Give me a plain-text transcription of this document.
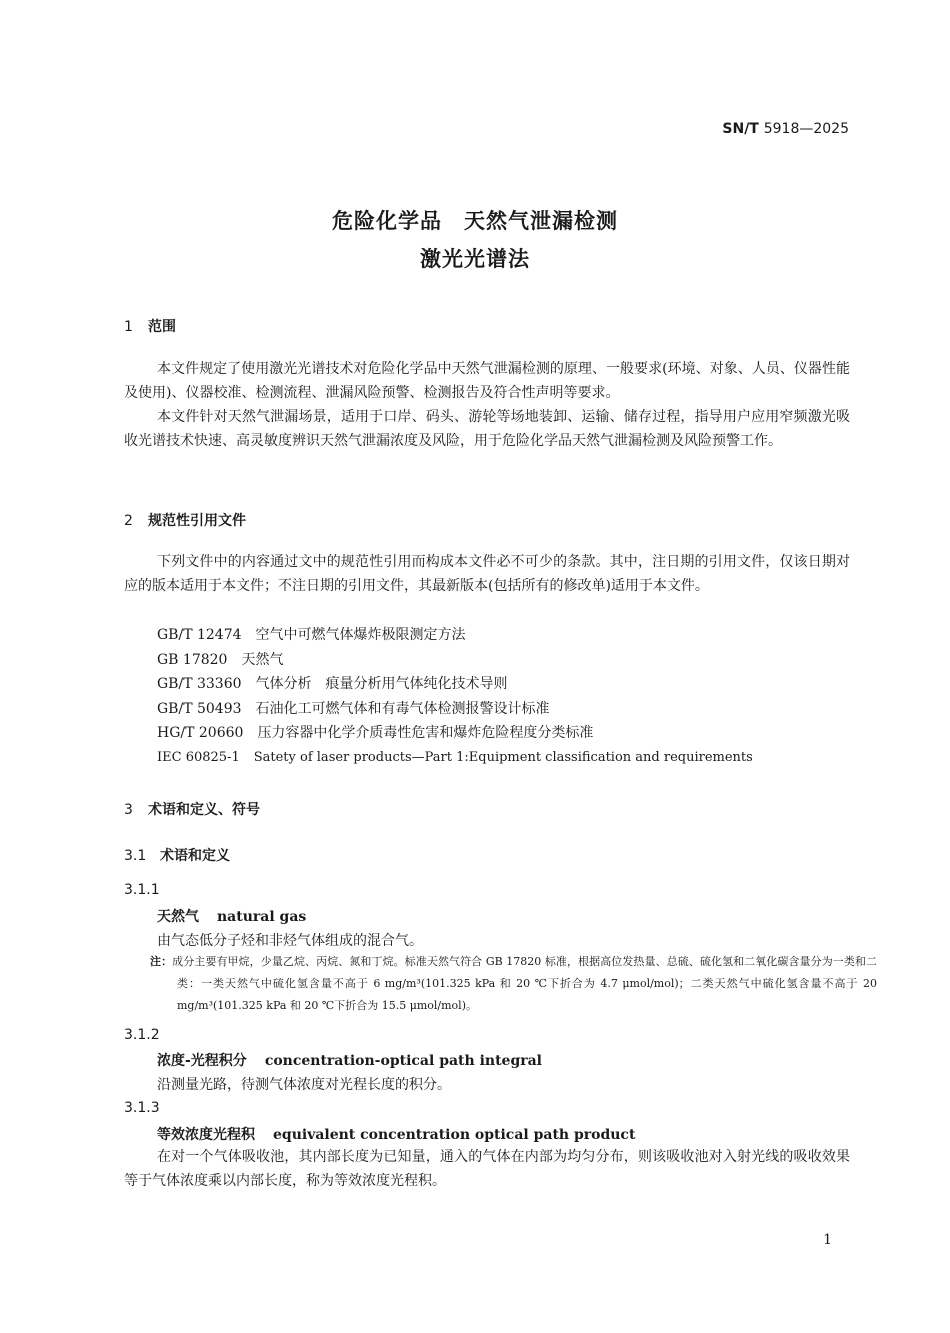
SN/T 5918—2025
危险化学品 天然气泄漏检测
激光光谱法
1 范围
本文件规定了使用激光光谱技术对危险化学品中天然气泄漏检测的原理、一般要求(环境、对象、人员、仪器性能及使用)、仪器校准、检测流程、泄漏风险预警、检测报告及符合性声明等要求。
本文件针对天然气泄漏场景，适用于口岸、码头、游轮等场地装卸、运输、储存过程，指导用户应用窄频激光吸收光谱技术快速、高灵敏度辨识天然气泄漏浓度及风险，用于危险化学品天然气泄漏检测及风险预警工作。
2 规范性引用文件
下列文件中的内容通过文中的规范性引用而构成本文件必不可少的条款。其中，注日期的引用文件，仅该日期对应的版本适用于本文件；不注日期的引用文件，其最新版本(包括所有的修改单)适用于本文件。
GB/T 12474 空气中可燃气体爆炸极限测定方法
GB 17820 天然气
GB/T 33360 气体分析　痕量分析用气体纯化技术导则
GB/T 50493 石油化工可燃气体和有毒气体检测报警设计标准
HG/T 20660 压力容器中化学介质毒性危害和爆炸危险程度分类标准
IEC 60825-1 Satety of laser products—Part 1:Equipment classification and requirements
3 术语和定义、符号
3.1 术语和定义
3.1.1
天然气 natural gas
由气态低分子烃和非烃气体组成的混合气。
注：成分主要有甲烷，少量乙烷、丙烷、氮和丁烷。标准天然气符合 GB 17820 标准，根据高位发热量、总硫、硫化氢和二氧化碳含量分为一类和二类：一类天然气中硫化氢含量不高于 6 mg/m³(101.325 kPa 和 20 ℃下折合为 4.7 μmol/mol)；二类天然气中硫化氢含量不高于 20 mg/m³(101.325 kPa 和 20 ℃下折合为 15.5 μmol/mol)。
3.1.2
浓度-光程积分 concentration-optical path integral
沿测量光路，待测气体浓度对光程长度的积分。
3.1.3
等效浓度光程积 equivalent concentration optical path product
在对一个气体吸收池，其内部长度为已知量，通入的气体在内部为均匀分布，则该吸收池对入射光线的吸收效果等于气体浓度乘以内部长度，称为等效浓度光程积。
1
